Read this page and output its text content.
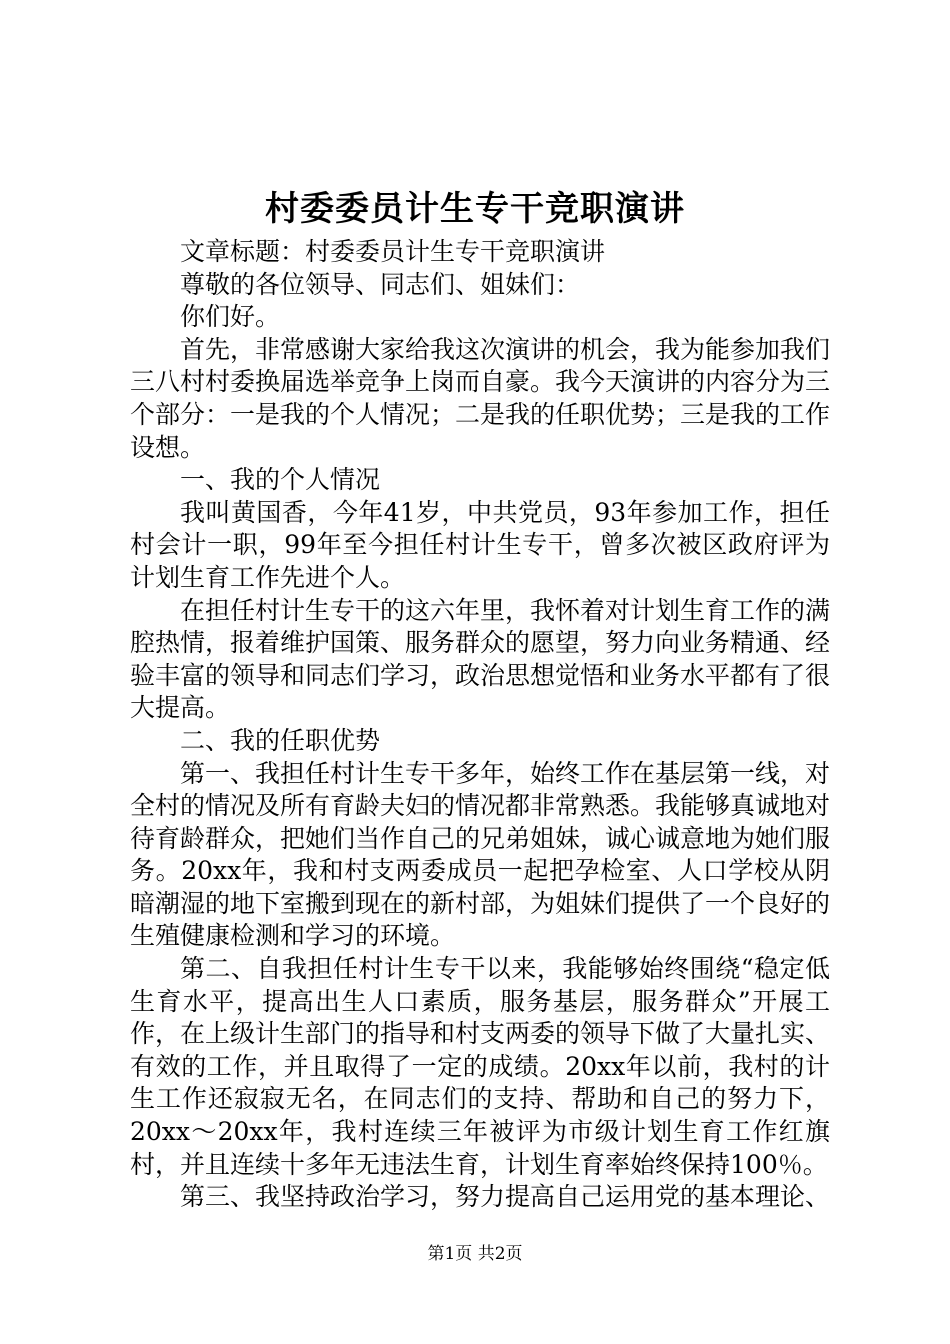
村委委员计生专干竞职演讲

文章标题：村委委员计生专干竞职演讲

尊敬的各位领导、同志们、姐妹们：

你们好。

首先，非常感谢大家给我这次演讲的机会，我为能参加我们三八村村委换届选举竞争上岗而自豪。我今天演讲的内容分为三个部分：一是我的个人情况；二是我的任职优势；三是我的工作设想。

一、我的个人情况

我叫黄国香，今年41岁，中共党员，93年参加工作，担任村会计一职，99年至今担任村计生专干，曾多次被区政府评为计划生育工作先进个人。

在担任村计生专干的这六年里，我怀着对计划生育工作的满腔热情，报着维护国策、服务群众的愿望，努力向业务精通、经验丰富的领导和同志们学习，政治思想觉悟和业务水平都有了很大提高。

二、我的任职优势

第一、我担任村计生专干多年，始终工作在基层第一线，对全村的情况及所有育龄夫妇的情况都非常熟悉。我能够真诚地对待育龄群众，把她们当作自己的兄弟姐妹，诚心诚意地为她们服务。20xx年，我和村支两委成员一起把孕检室、人口学校从阴暗潮湿的地下室搬到现在的新村部，为姐妹们提供了一个良好的生殖健康检测和学习的环境。

第二、自我担任村计生专干以来，我能够始终围绕“稳定低生育水平，提高出生人口素质，服务基层，服务群众”开展工作，在上级计生部门的指导和村支两委的领导下做了大量扎实、有效的工作，并且取得了一定的成绩。20xx年以前，我村的计生工作还寂寂无名，在同志们的支持、帮助和自己的努力下，20xx～20xx年，我村连续三年被评为市级计划生育工作红旗村，并且连续十多年无违法生育，计划生育率始终保持100％。

第三、我坚持政治学习，努力提高自己运用党的基本理论、

第1页 共2页
